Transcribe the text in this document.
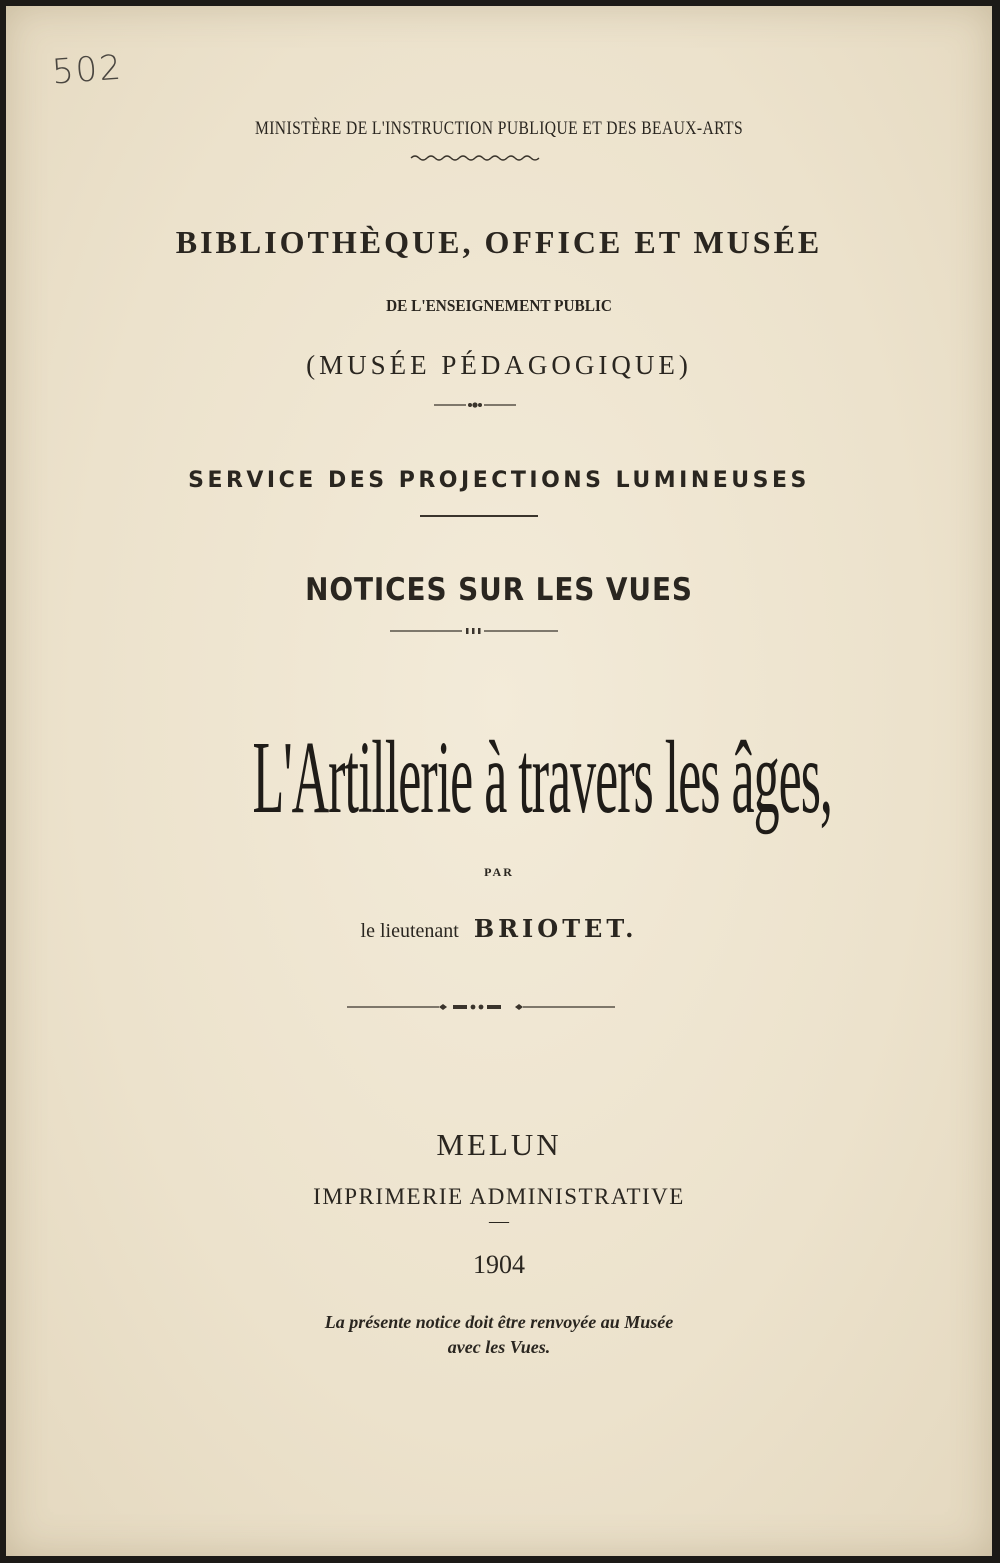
502
MINISTÈRE DE L'INSTRUCTION PUBLIQUE ET DES BEAUX-ARTS
BIBLIOTHÈQUE, OFFICE ET MUSÉE
DE L'ENSEIGNEMENT PUBLIC
(MUSÉE PÉDAGOGIQUE)
SERVICE DES PROJECTIONS LUMINEUSES
NOTICES SUR LES VUES
L'Artillerie à travers les âges,
PAR
le lieutenant BRIOTET.
MELUN
IMPRIMERIE ADMINISTRATIVE
—
1904
La présente notice doit être renvoyée au Musée
avec les Vues.
